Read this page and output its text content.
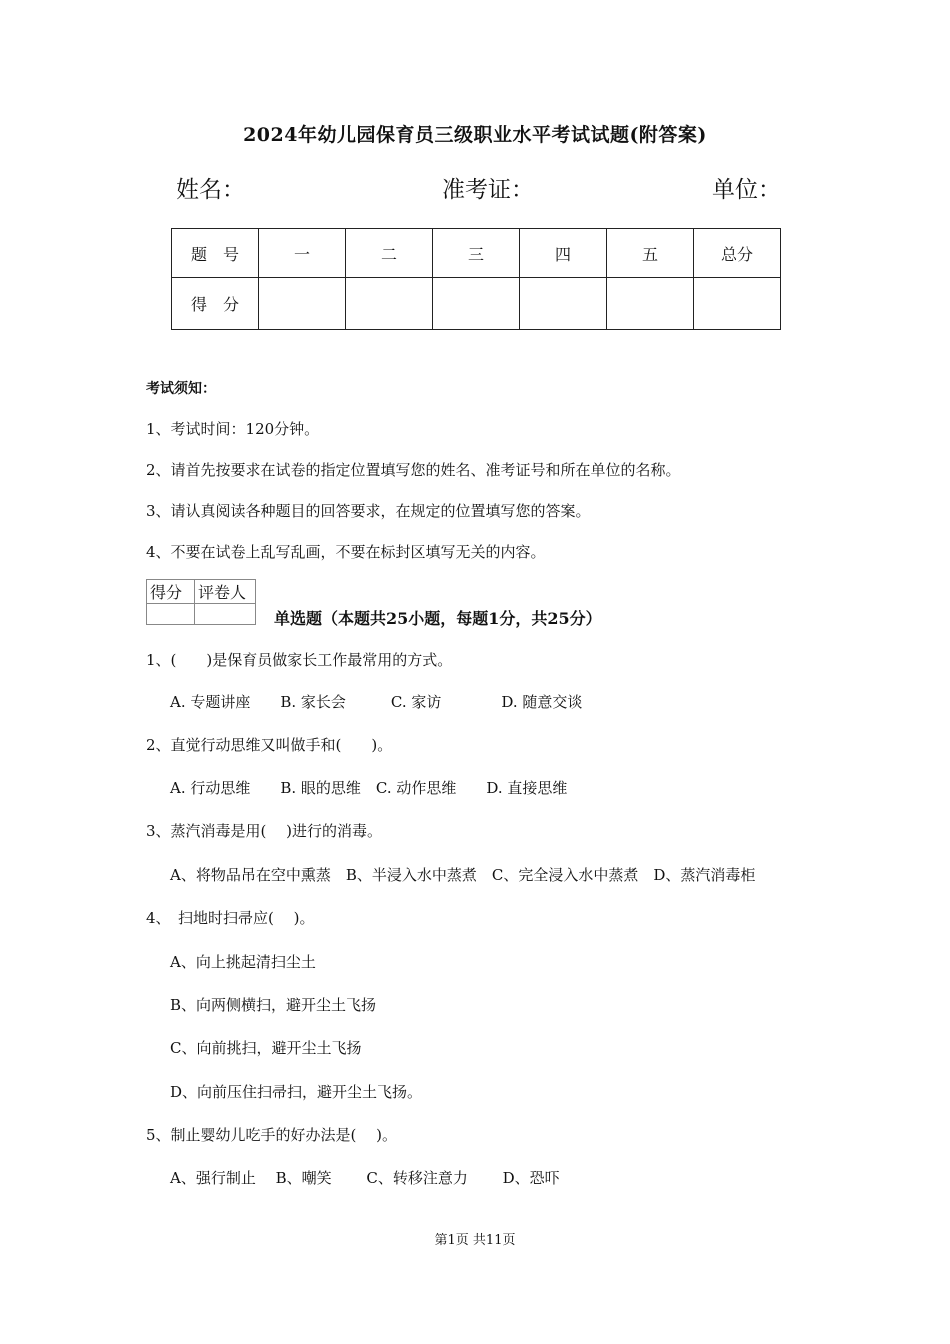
2024年幼儿园保育员三级职业水平考试试题(附答案)
姓名：	准考证：	单位：
题　号	一	二	三	四	五	总分
得　分						
考试须知：
1、考试时间：120分钟。
2、请首先按要求在试卷的指定位置填写您的姓名、准考证号和所在单位的名称。
3、请认真阅读各种题目的回答要求，在规定的位置填写您的答案。
4、不要在试卷上乱写乱画，不要在标封区填写无关的内容。
得分	评卷人

单选题（本题共25小题，每题1分，共25分）
1、(　　)是保育员做家长工作最常用的方式。
A. 专题讲座　　B. 家长会　　　C. 家访　　　　D. 随意交谈
2、直觉行动思维又叫做手和(　　)。
A. 行动思维　　B. 眼的思维　C. 动作思维　　D. 直接思维
3、蒸汽消毒是用(　 )进行的消毒。
A、将物品吊在空中熏蒸　B、半浸入水中蒸煮　C、完全浸入水中蒸煮　D、蒸汽消毒柜
4、　扫地时扫帚应(　 )。
A、向上挑起清扫尘土
B、向两侧横扫，避开尘土飞扬
C、向前挑扫，避开尘土飞扬
D、向前压住扫帚扫，避开尘土飞扬。
5、制止婴幼儿吃手的好办法是(　 )。
A、强行制止　 B、嘲笑　　 C、转移注意力　　 D、恐吓
第1页 共11页
